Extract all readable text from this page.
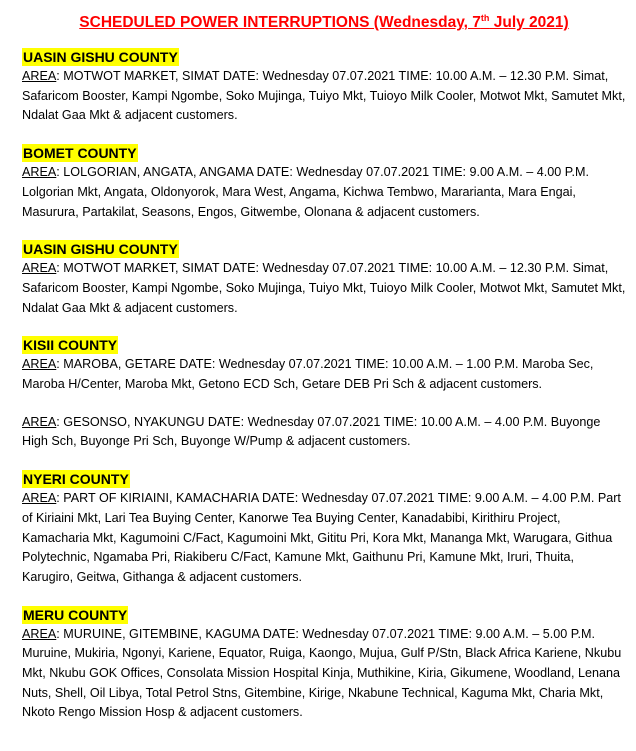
SCHEDULED POWER INTERRUPTIONS (Wednesday, 7th July 2021)
UASIN GISHU COUNTY

AREA: MOTWOT MARKET, SIMAT DATE: Wednesday 07.07.2021 TIME: 10.00 A.M. – 12.30 P.M. Simat, Safaricom Booster, Kampi Ngombe, Soko Mujinga, Tuiyo Mkt, Tuioyo Milk Cooler, Motwot Mkt, Samutet Mkt, Ndalat Gaa Mkt & adjacent customers.

BOMET COUNTY

AREA: LOLGORIAN, ANGATA, ANGAMA DATE: Wednesday 07.07.2021 TIME: 9.00 A.M. – 4.00 P.M. Lolgorian Mkt, Angata, Oldonyorok, Mara West, Angama, Kichwa Tembwo, Mararianta, Mara Engai, Masurura, Partakilat, Seasons, Engos, Gitwembe, Olonana & adjacent customers.

UASIN GISHU COUNTY

AREA: MOTWOT MARKET, SIMAT DATE: Wednesday 07.07.2021 TIME: 10.00 A.M. – 12.30 P.M. Simat, Safaricom Booster, Kampi Ngombe, Soko Mujinga, Tuiyo Mkt, Tuioyo Milk Cooler, Motwot Mkt, Samutet Mkt, Ndalat Gaa Mkt & adjacent customers.

KISII COUNTY

AREA: MAROBA, GETARE DATE: Wednesday 07.07.2021 TIME: 10.00 A.M. – 1.00 P.M. Maroba Sec, Maroba H/Center, Maroba Mkt, Getono ECD Sch, Getare DEB Pri Sch & adjacent customers.

AREA: GESONSO, NYAKUNGU DATE: Wednesday 07.07.2021 TIME: 10.00 A.M. – 4.00 P.M. Buyonge High Sch, Buyonge Pri Sch, Buyonge W/Pump & adjacent customers.

NYERI COUNTY

AREA: PART OF KIRIAINI, KAMACHARIA DATE: Wednesday 07.07.2021 TIME: 9.00 A.M. – 4.00 P.M. Part of Kiriaini Mkt, Lari Tea Buying Center, Kanorwe Tea Buying Center, Kanadabibi, Kirithiru Project, Kamacharia Mkt, Kagumoini C/Fact, Kagumoini Mkt, Gititu Pri, Kora Mkt, Mananga Mkt, Warugara, Githua Polytechnic, Ngamaba Pri, Riakiberu C/Fact, Kamune Mkt, Gaithunu Pri, Kamune Mkt, Iruri, Thuita, Karugiro, Geitwa, Githanga & adjacent customers.

MERU COUNTY

AREA: MURUINE, GITEMBINE, KAGUMA DATE: Wednesday 07.07.2021 TIME: 9.00 A.M. – 5.00 P.M. Muruine, Mukiria, Ngonyi, Kariene, Equator, Ruiga, Kaongo, Mujua, Gulf P/Stn, Black Africa Kariene, Nkubu Mkt, Nkubu GOK Offices, Consolata Mission Hospital Kinja, Muthikine, Kiria, Gikumene, Woodland, Lenana Nuts, Shell, Oil Libya, Total Petrol Stns, Gitembine, Kirige, Nkabune Technical, Kaguma Mkt, Charia Mkt, Nkoto Rengo Mission Hosp & adjacent customers.
